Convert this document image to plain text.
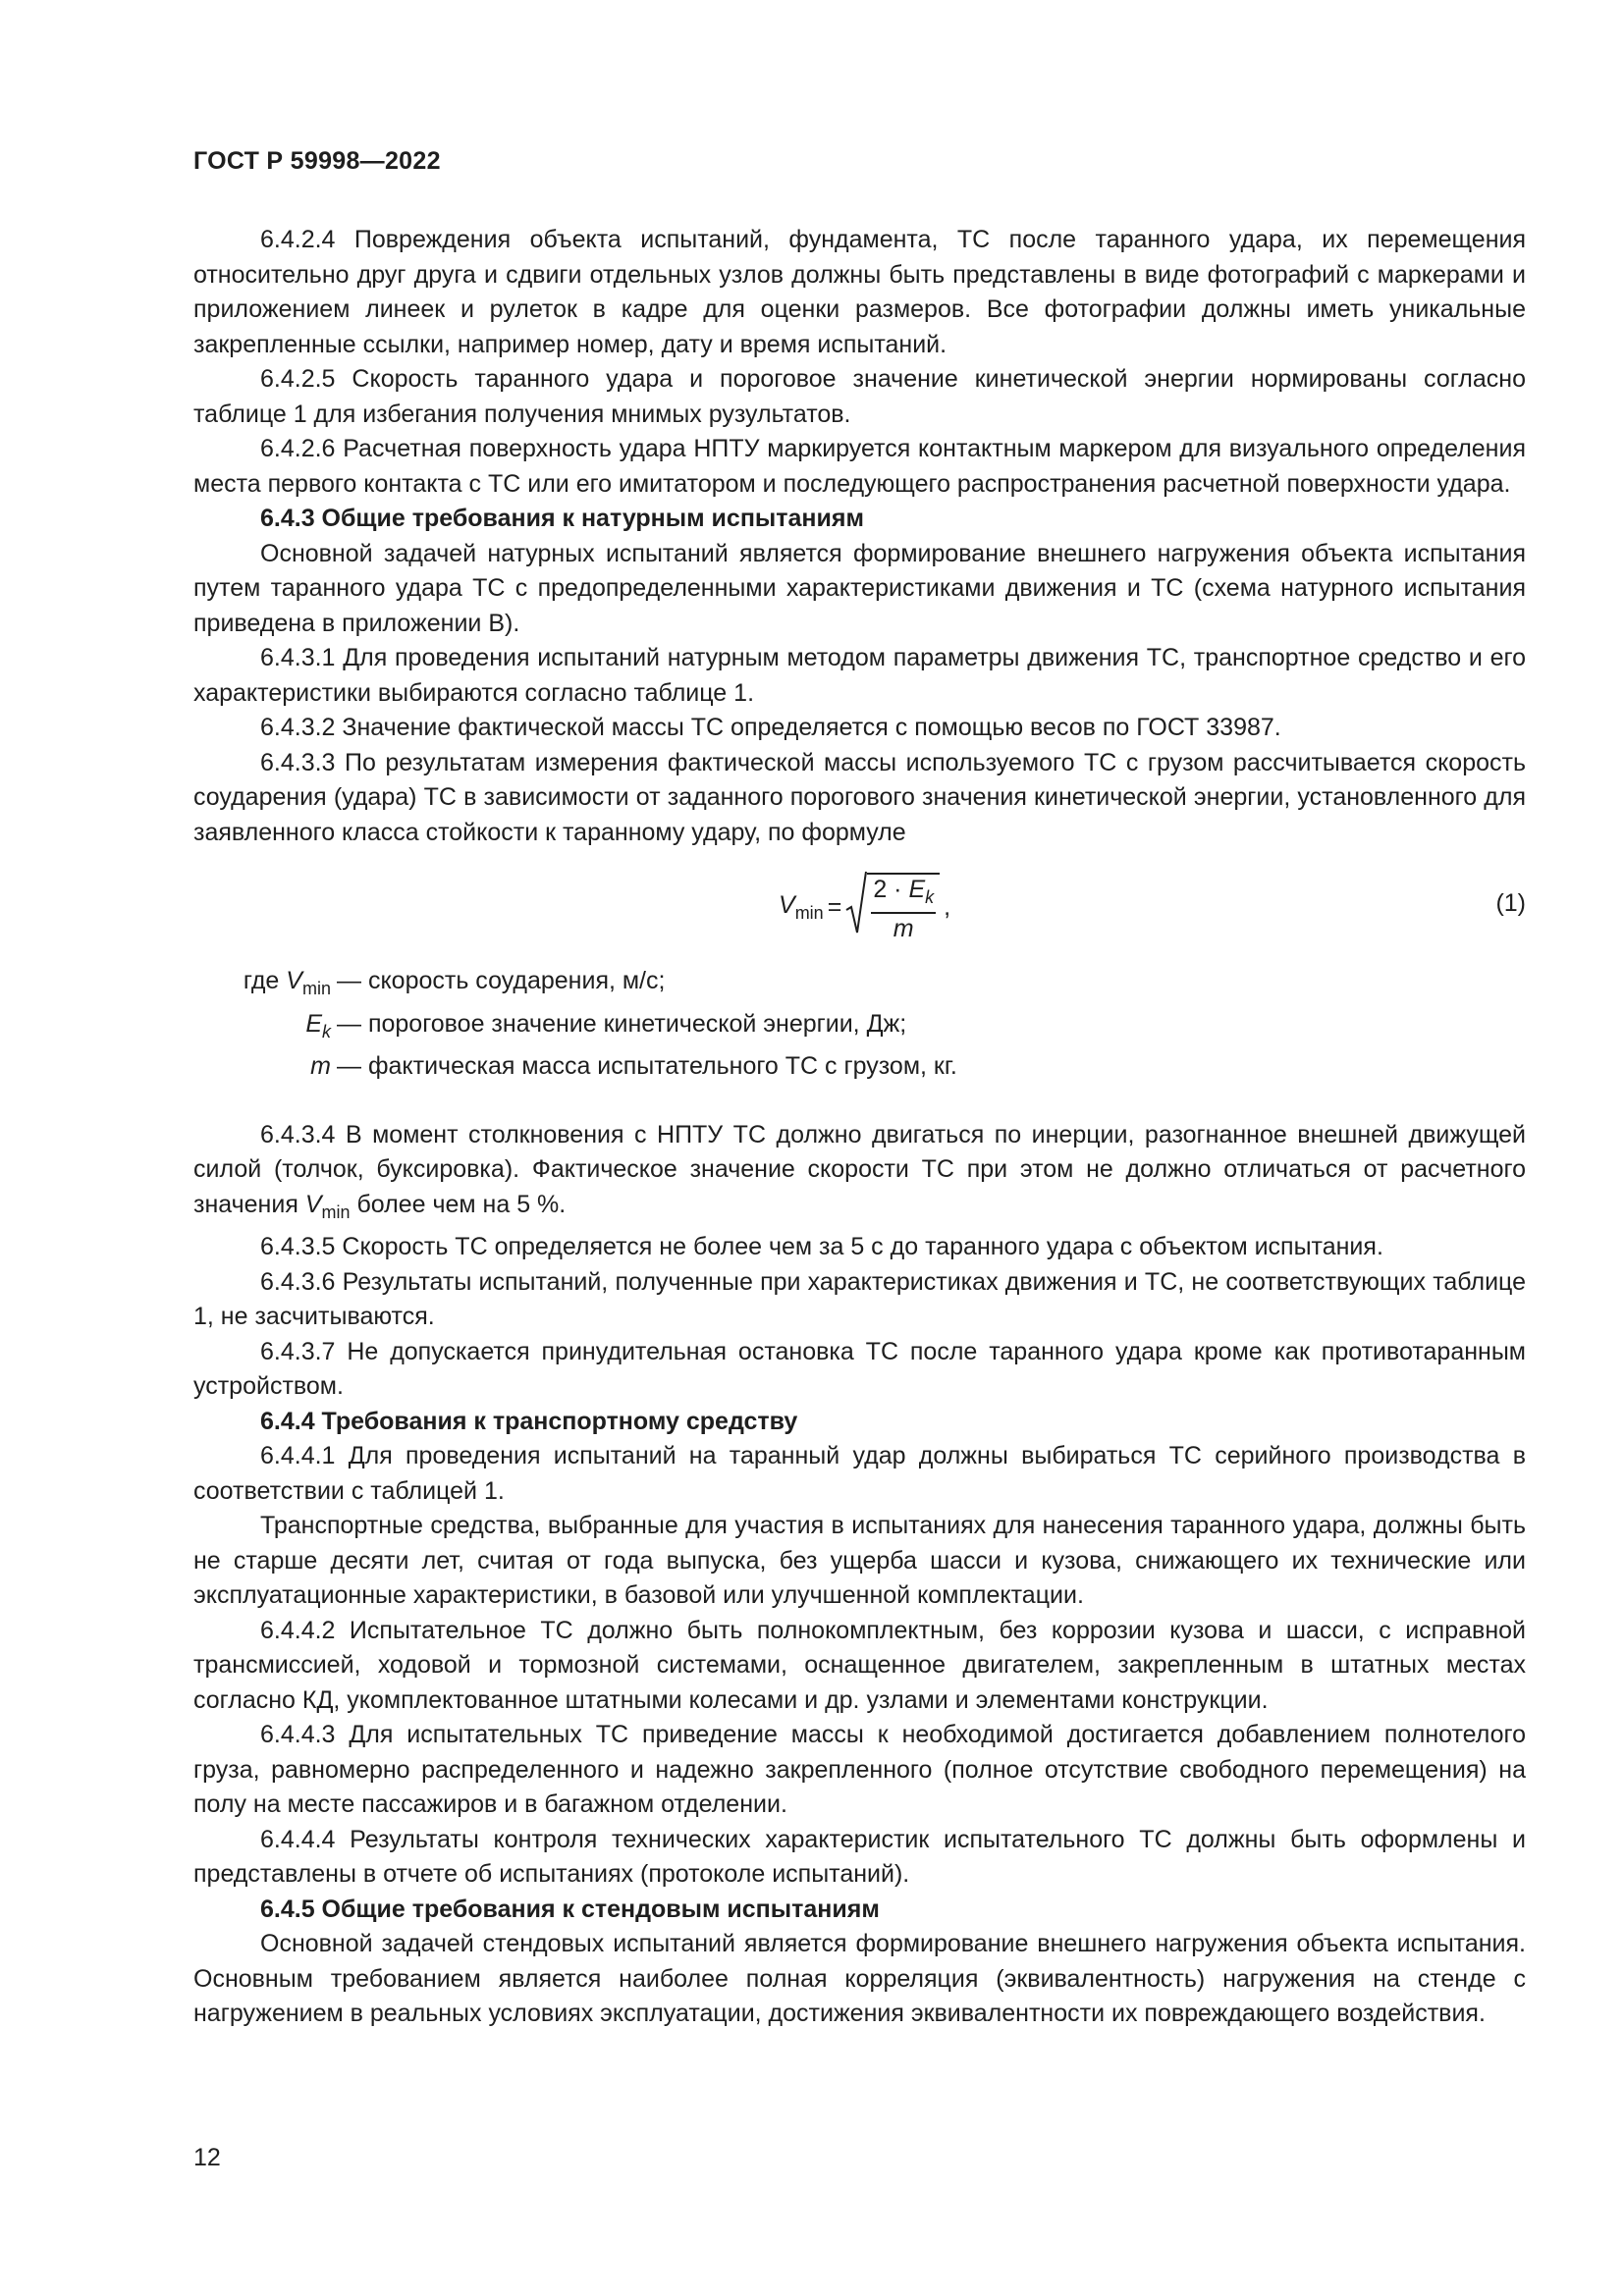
ГОСТ Р 59998—2022

6.4.2.4 Повреждения объекта испытаний, фундамента, ТС после таранного удара, их перемещения относительно друг друга и сдвиги отдельных узлов должны быть представлены в виде фотографий с маркерами и приложением линеек и рулеток в кадре для оценки размеров. Все фотографии должны иметь уникальные закрепленные ссылки, например номер, дату и время испытаний.

6.4.2.5 Скорость таранного удара и пороговое значение кинетической энергии нормированы согласно таблице 1 для избегания получения мнимых рузультатов.

6.4.2.6 Расчетная поверхность удара НПТУ маркируется контактным маркером для визуального определения места первого контакта с ТС или его имитатором и последующего распространения расчетной поверхности удара.

6.4.3 Общие требования к натурным испытаниям

Основной задачей натурных испытаний является формирование внешнего нагружения объекта испытания путем таранного удара ТС с предопределенными характеристиками движения и ТС (схема натурного испытания приведена в приложении В).

6.4.3.1 Для проведения испытаний натурным методом параметры движения ТС, транспортное средство и его характеристики выбираются согласно таблице 1.

6.4.3.2 Значение фактической массы ТС определяется с помощью весов по ГОСТ 33987.

6.4.3.3 По результатам измерения фактической массы используемого ТС с грузом рассчитывается скорость соударения (удара) ТС в зависимости от заданного порогового значения кинетической энергии, установленного для заявленного класса стойкости к таранному удару, по формуле

$V_{min} = \frac{2 \cdot E_k}{m}$ ,	(1)
где $V_{min}$ — скорость соударения, м/с;
$E_k$ — пороговое значение кинетической энергии, Дж;
m — фактическая масса испытательного ТС с грузом, кг.

6.4.3.4 В момент столкновения с НПТУ ТС должно двигаться по инерции, разогнанное внешней движущей силой (толчок, буксировка). Фактическое значение скорости ТС при этом не должно отличаться от расчетного значения $V_{min}$ более чем на 5 %.

6.4.3.5 Скорость ТС определяется не более чем за 5 с до таранного удара с объектом испытания.

6.4.3.6 Результаты испытаний, полученные при характеристиках движения и ТС, не соответствующих таблице 1, не засчитываются.

6.4.3.7 Не допускается принудительная остановка ТС после таранного удара кроме как противотаранным устройством.

6.4.4 Требования к транспортному средству

6.4.4.1 Для проведения испытаний на таранный удар должны выбираться ТС серийного производства в соответствии с таблицей 1.

Транспортные средства, выбранные для участия в испытаниях для нанесения таранного удара, должны быть не старше десяти лет, считая от года выпуска, без ущерба шасси и кузова, снижающего их технические или эксплуатационные характеристики, в базовой или улучшенной комплектации.

6.4.4.2 Испытательное ТС должно быть полнокомплектным, без коррозии кузова и шасси, с исправной трансмиссией, ходовой и тормозной системами, оснащенное двигателем, закрепленным в штатных местах согласно КД, укомплектованное штатными колесами и др. узлами и элементами конструкции.

6.4.4.3 Для испытательных ТС приведение массы к необходимой достигается добавлением полнотелого груза, равномерно распределенного и надежно закрепленного (полное отсутствие свободного перемещения) на полу на месте пассажиров и в багажном отделении.

6.4.4.4 Результаты контроля технических характеристик испытательного ТС должны быть оформлены и представлены в отчете об испытаниях (протоколе испытаний).

6.4.5 Общие требования к стендовым испытаниям

Основной задачей стендовых испытаний является формирование внешнего нагружения объекта испытания. Основным требованием является наиболее полная корреляция (эквивалентность) нагружения на стенде с нагружением в реальных условиях эксплуатации, достижения эквивалентности их повреждающего воздействия.

12
